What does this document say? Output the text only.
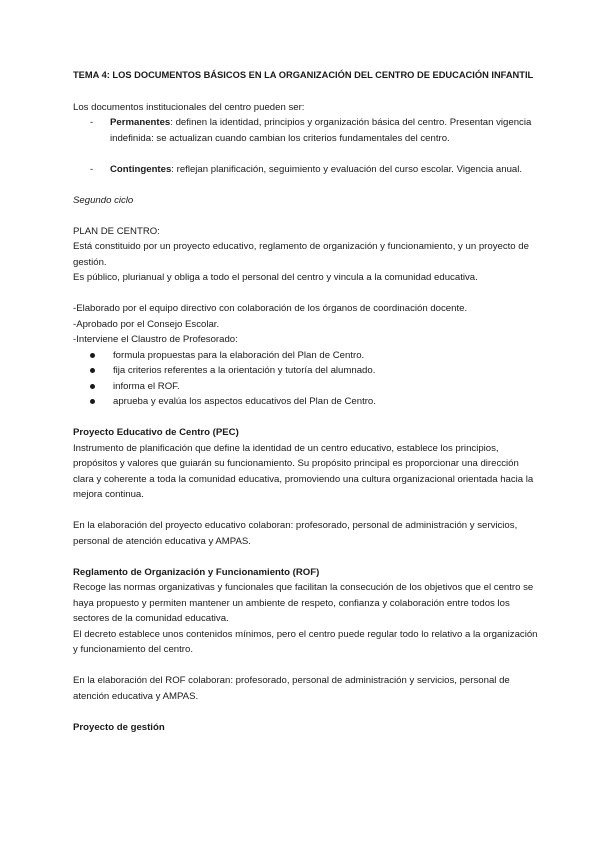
TEMA 4: LOS DOCUMENTOS BÁSICOS EN LA ORGANIZACIÓN DEL CENTRO DE EDUCACIÓN INFANTIL

Los documentos institucionales del centro pueden ser:

- Permanentes: definen la identidad, principios y organización básica del centro. Presentan vigencia indefinida: se actualizan cuando cambian los criterios fundamentales del centro.
- Contingentes: reflejan planificación, seguimiento y evaluación del curso escolar. Vigencia anual.

Segundo ciclo

PLAN DE CENTRO:

Está constituido por un proyecto educativo, reglamento de organización y funcionamiento, y un proyecto de gestión.

Es público, plurianual y obliga a todo el personal del centro y vincula a la comunidad educativa.

-Elaborado por el equipo directivo con colaboración de los órganos de coordinación docente.

-Aprobado por el Consejo Escolar.

-Interviene el Claustro de Profesorado:

formula propuestas para la elaboración del Plan de Centro.
fija criterios referentes a la orientación y tutoría del alumnado.
informa el ROF.
aprueba y evalúa los aspectos educativos del Plan de Centro.

Proyecto Educativo de Centro (PEC)

Instrumento de planificación que define la identidad de un centro educativo, establece los principios, propósitos y valores que guiarán su funcionamiento. Su propósito principal es proporcionar una dirección clara y coherente a toda la comunidad educativa, promoviendo una cultura organizacional orientada hacia la mejora continua.

En la elaboración del proyecto educativo colaboran: profesorado, personal de administración y servicios, personal de atención educativa y AMPAS.

Reglamento de Organización y Funcionamiento (ROF)

Recoge las normas organizativas y funcionales que facilitan la consecución de los objetivos que el centro se haya propuesto y permiten mantener un ambiente de respeto, confianza y colaboración entre todos los sectores de la comunidad educativa.

El decreto establece unos contenidos mínimos, pero el centro puede regular todo lo relativo a la organización y funcionamiento del centro.

En la elaboración del ROF colaboran: profesorado, personal de administración y servicios, personal de atención educativa y AMPAS.

Proyecto de gestión
